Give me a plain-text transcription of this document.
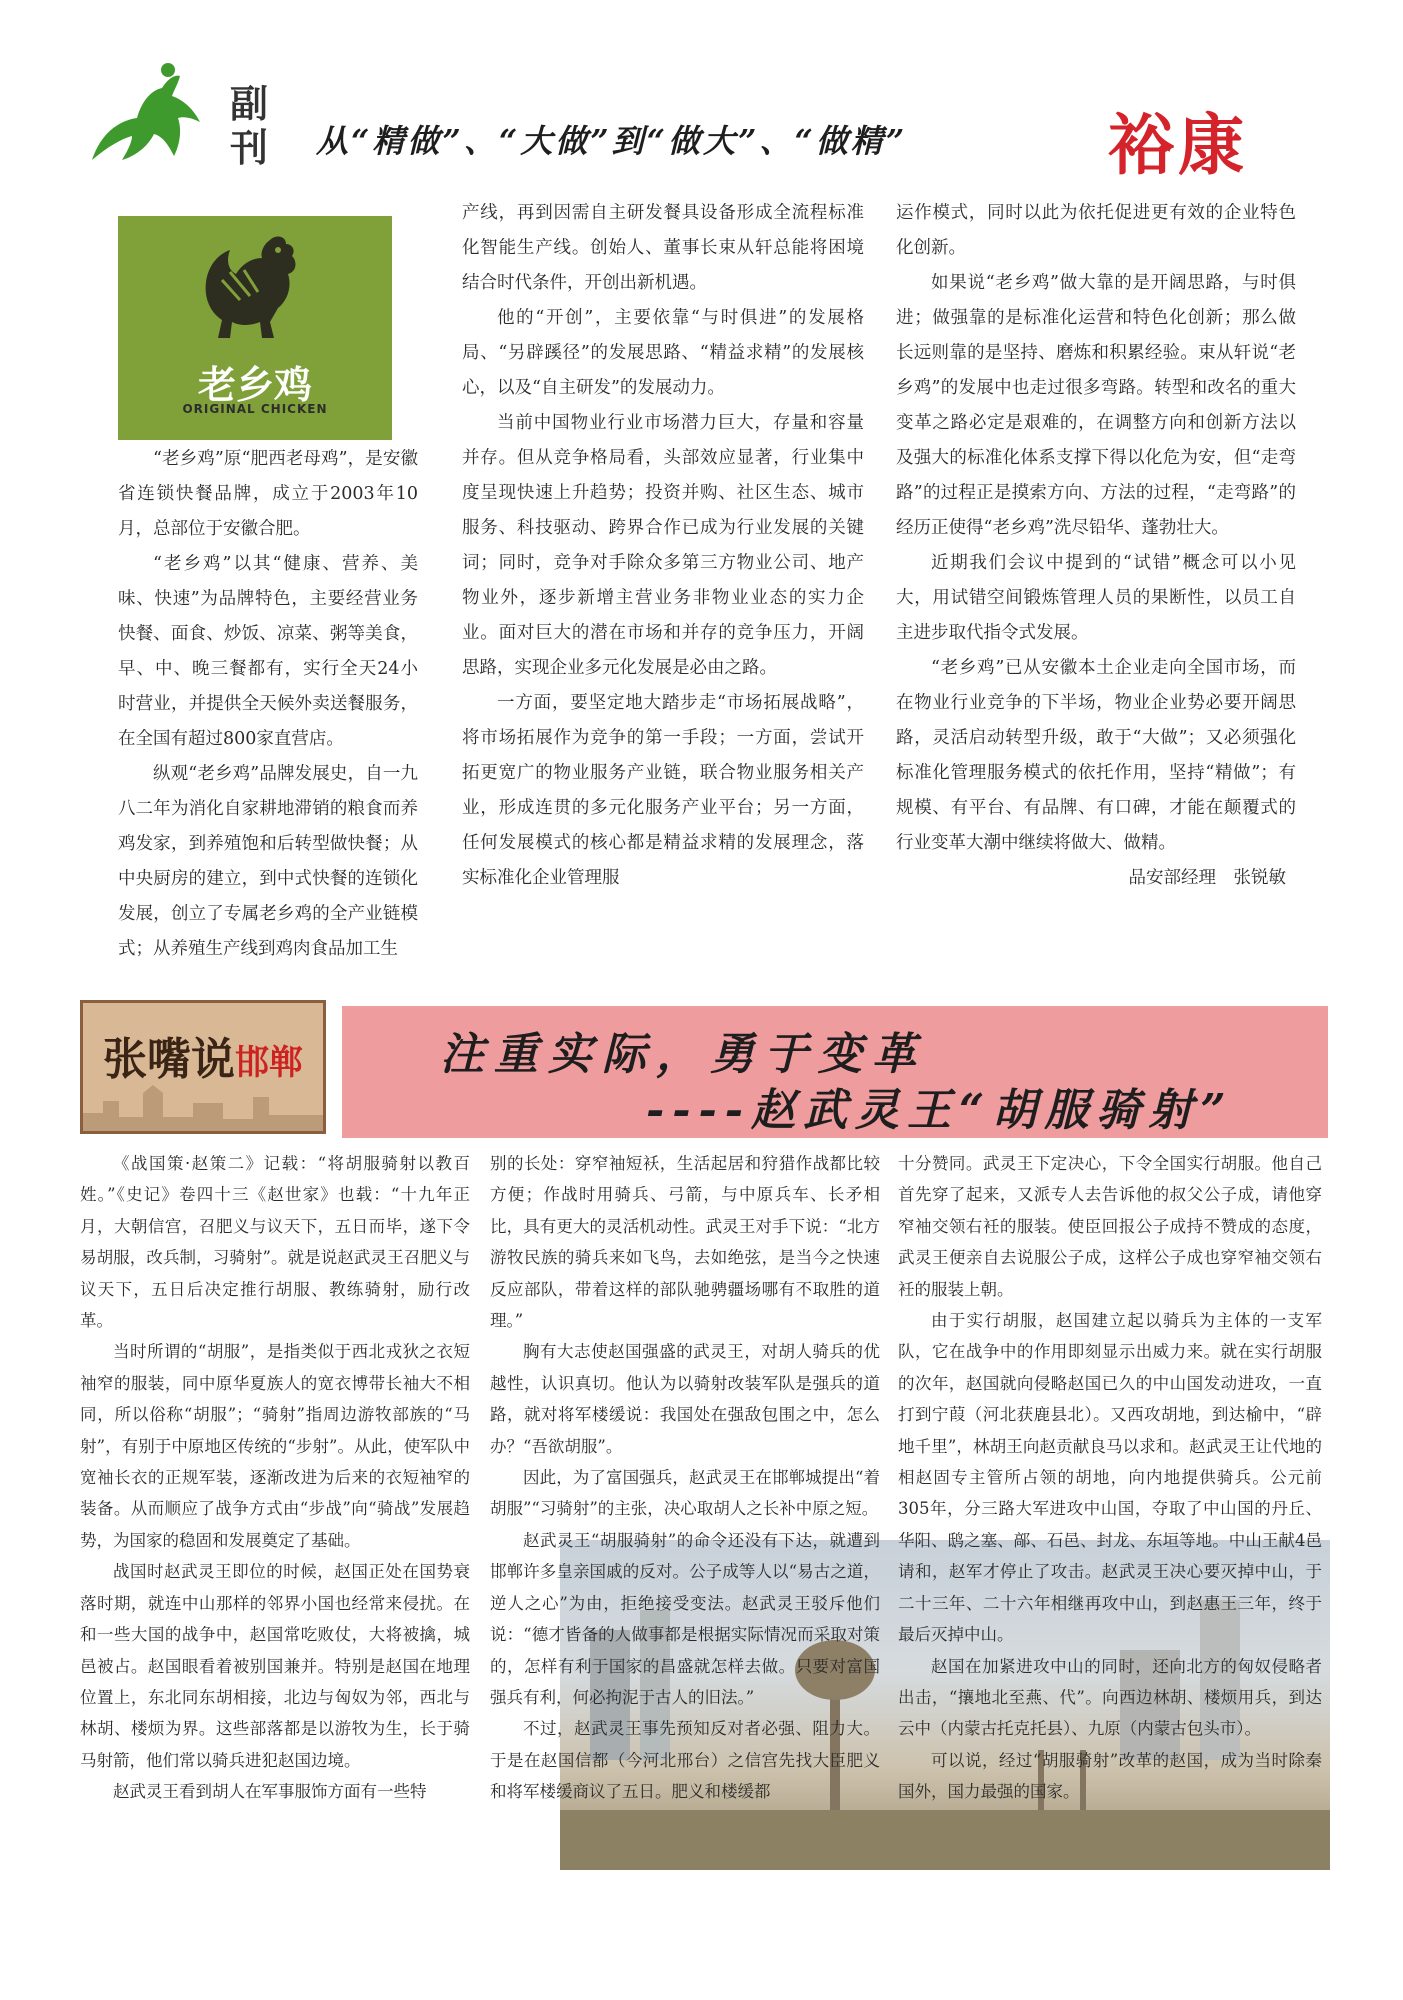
副刊 从“精做”、“大做”到“做大”、“做精”	裕康
老乡鸡
ORIGINAL CHICKEN

“老乡鸡”原“肥西老母鸡”，是安徽省连锁快餐品牌，成立于2003年10月，总部位于安徽合肥。

“老乡鸡”以其“健康、营养、美味、快速”为品牌特色，主要经营业务快餐、面食、炒饭、凉菜、粥等美食，早、中、晚三餐都有，实行全天24小时营业，并提供全天候外卖送餐服务，在全国有超过800家直营店。

纵观“老乡鸡”品牌发展史，自一九八二年为消化自家耕地滞销的粮食而养鸡发家，到养殖饱和后转型做快餐；从中央厨房的建立，到中式快餐的连锁化发展，创立了专属老乡鸡的全产业链模式；从养殖生产线到鸡肉食品加工生

产线，再到因需自主研发餐具设备形成全流程标准化智能生产线。创始人、董事长束从轩总能将困境结合时代条件，开创出新机遇。

他的“开创”，主要依靠“与时俱进”的发展格局、“另辟蹊径”的发展思路、“精益求精”的发展核心，以及“自主研发”的发展动力。

当前中国物业行业市场潜力巨大，存量和容量并存。但从竞争格局看，头部效应显著，行业集中度呈现快速上升趋势；投资并购、社区生态、城市服务、科技驱动、跨界合作已成为行业发展的关键词；同时，竞争对手除众多第三方物业公司、地产物业外，逐步新增主营业务非物业业态的实力企业。面对巨大的潜在市场和并存的竞争压力，开阔思路，实现企业多元化发展是必由之路。

一方面，要坚定地大踏步走“市场拓展战略”，将市场拓展作为竞争的第一手段；一方面，尝试开拓更宽广的物业服务产业链，联合物业服务相关产业，形成连贯的多元化服务产业平台；另一方面，任何发展模式的核心都是精益求精的发展理念，落实标准化企业管理服

运作模式，同时以此为依托促进更有效的企业特色化创新。

如果说“老乡鸡”做大靠的是开阔思路，与时俱进；做强靠的是标准化运营和特色化创新；那么做长远则靠的是坚持、磨炼和积累经验。束从轩说“老乡鸡”的发展中也走过很多弯路。转型和改名的重大变革之路必定是艰难的，在调整方向和创新方法以及强大的标准化体系支撑下得以化危为安，但“走弯路”的过程正是摸索方向、方法的过程，“走弯路”的经历正使得“老乡鸡”洗尽铅华、蓬勃壮大。

近期我们会议中提到的“试错”概念可以小见大，用试错空间锻炼管理人员的果断性，以员工自主进步取代指令式发展。

“老乡鸡”已从安徽本土企业走向全国市场，而在物业行业竞争的下半场，物业企业势必要开阔思路，灵活启动转型升级，敢于“大做”；又必须强化标准化管理服务模式的依托作用，坚持“精做”；有规模、有平台、有品牌、有口碑，才能在颠覆式的行业变革大潮中继续将做大、做精。

品安部经理　张锐敏

张嘴说邯郸	注重实际，勇于变革
----赵武灵王“胡服骑射”

《战国策·赵策二》记载：“将胡服骑射以教百姓。”《史记》卷四十三《赵世家》也载：“十九年正月，大朝信宫，召肥义与议天下，五日而毕，遂下令易胡服，改兵制，习骑射”。就是说赵武灵王召肥义与议天下，五日后决定推行胡服、教练骑射，励行改革。

当时所谓的“胡服”，是指类似于西北戎狄之衣短袖窄的服装，同中原华夏族人的宽衣博带长袖大不相同，所以俗称“胡服”；“骑射”指周边游牧部族的“马射”，有别于中原地区传统的“步射”。从此，使军队中宽袖长衣的正规军装，逐渐改进为后来的衣短袖窄的装备。从而顺应了战争方式由“步战”向“骑战”发展趋势，为国家的稳固和发展奠定了基础。

战国时赵武灵王即位的时候，赵国正处在国势衰落时期，就连中山那样的邻界小国也经常来侵扰。在和一些大国的战争中，赵国常吃败仗，大将被擒，城邑被占。赵国眼看着被别国兼并。特别是赵国在地理位置上，东北同东胡相接，北边与匈奴为邻，西北与林胡、楼烦为界。这些部落都是以游牧为生，长于骑马射箭，他们常以骑兵进犯赵国边境。

赵武灵王看到胡人在军事服饰方面有一些特

别的长处：穿窄袖短袄，生活起居和狩猎作战都比较方便；作战时用骑兵、弓箭，与中原兵车、长矛相比，具有更大的灵活机动性。武灵王对手下说：“北方游牧民族的骑兵来如飞鸟，去如绝弦，是当今之快速反应部队，带着这样的部队驰骋疆场哪有不取胜的道理。”

胸有大志使赵国强盛的武灵王，对胡人骑兵的优越性，认识真切。他认为以骑射改装军队是强兵的道路，就对将军楼缓说：我国处在强敌包围之中，怎么办？“吾欲胡服”。

因此，为了富国强兵，赵武灵王在邯郸城提出“着胡服”“习骑射”的主张，决心取胡人之长补中原之短。

赵武灵王“胡服骑射”的命令还没有下达，就遭到邯郸许多皇亲国戚的反对。公子成等人以“易古之道，逆人之心”为由，拒绝接受变法。赵武灵王驳斥他们说：“德才皆备的人做事都是根据实际情况而采取对策的，怎样有利于国家的昌盛就怎样去做。只要对富国强兵有利，何必拘泥于古人的旧法。”

不过，赵武灵王事先预知反对者必强、阻力大。于是在赵国信都（今河北邢台）之信宫先找大臣肥义和将军楼缓商议了五日。肥义和楼缓都

十分赞同。武灵王下定决心，下令全国实行胡服。他自己首先穿了起来，又派专人去告诉他的叔父公子成，请他穿窄袖交领右衽的服装。使臣回报公子成持不赞成的态度，武灵王便亲自去说服公子成，这样公子成也穿窄袖交领右衽的服装上朝。

由于实行胡服，赵国建立起以骑兵为主体的一支军队，它在战争中的作用即刻显示出威力来。就在实行胡服的次年，赵国就向侵略赵国已久的中山国发动进攻，一直打到宁葭（河北获鹿县北）。又西攻胡地，到达榆中，“辟地千里”，林胡王向赵贡献良马以求和。赵武灵王让代地的相赵固专主管所占领的胡地，向内地提供骑兵。公元前305年，分三路大军进攻中山国，夺取了中山国的丹丘、华阳、鸱之塞、鄗、石邑、封龙、东垣等地。中山王献4邑请和，赵军才停止了攻击。赵武灵王决心要灭掉中山，于二十三年、二十六年相继再攻中山，到赵惠王三年，终于最后灭掉中山。

赵国在加紧进攻中山的同时，还向北方的匈奴侵略者出击，“攘地北至燕、代”。向西边林胡、楼烦用兵，到达云中（内蒙古托克托县）、九原（内蒙古包头市）。

可以说，经过“胡服骑射”改革的赵国，成为当时除秦国外，国力最强的国家。
